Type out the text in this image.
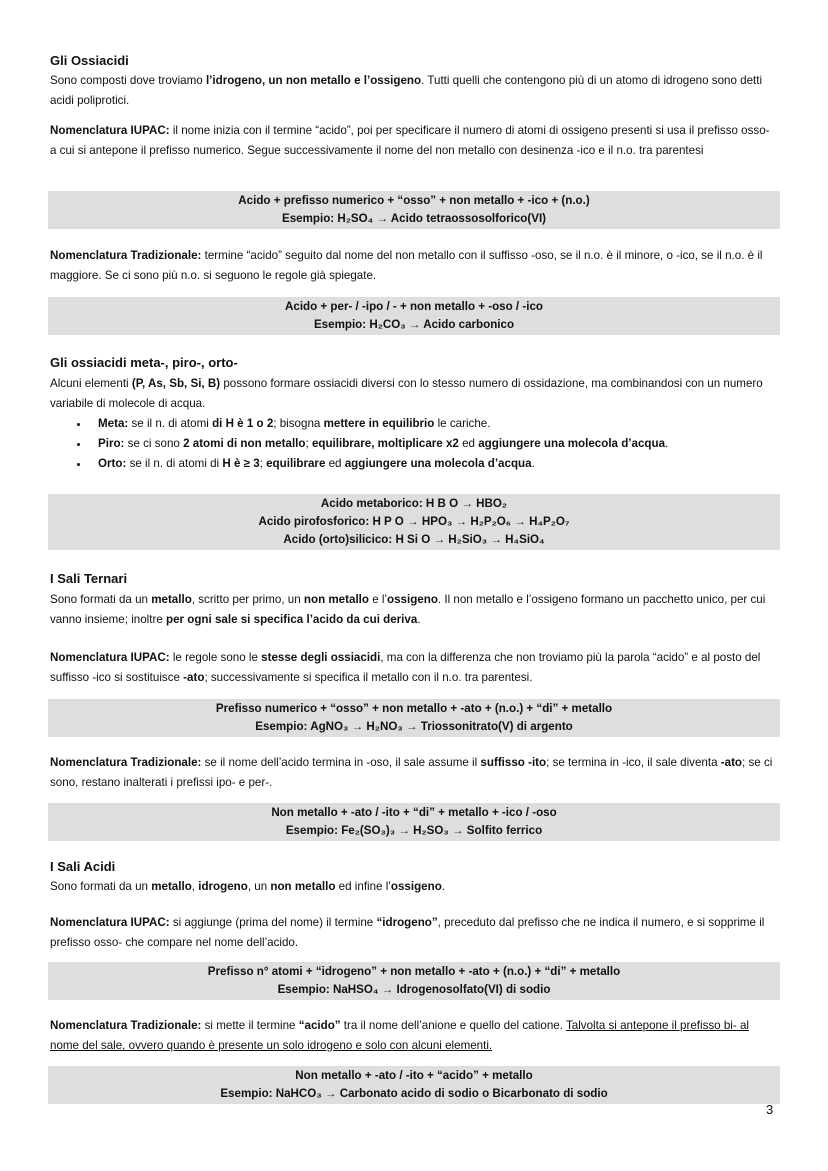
Gli Ossiacidi
Sono composti dove troviamo l’idrogeno, un non metallo e l’ossigeno. Tutti quelli che contengono più di un atomo di idrogeno sono detti acidi poliprotici.
Nomenclatura IUPAC: il nome inizia con il termine “acido”, poi per specificare il numero di atomi di ossigeno presenti si usa il prefisso osso- a cui si antepone il prefisso numerico. Segue successivamente il nome del non metallo con desinenza -ico e il n.o. tra parentesi
Acido + prefisso numerico + “osso” + non metallo + -ico + (n.o.)
Esempio: H₂SO₄ → Acido tetraossosolforico(VI)
Nomenclatura Tradizionale: termine “acido” seguito dal nome del non metallo con il suffisso -oso, se il n.o. è il minore, o -ico, se il n.o. è il maggiore. Se ci sono più n.o. si seguono le regole già spiegate.
Acido + per- / -ipo / - + non metallo + -oso / -ico
Esempio: H₂CO₃ → Acido carbonico
Gli ossiacidi meta-, piro-, orto-
Alcuni elementi (P, As, Sb, Si, B) possono formare ossiacidi diversi con lo stesso numero di ossidazione, ma combinandosi con un numero variabile di molecole di acqua.
• Meta: se il n. di atomi di H è 1 o 2; bisogna mettere in equilibrio le cariche.
• Piro: se ci sono 2 atomi di non metallo; equilibrare, moltiplicare x2 ed aggiungere una molecola d’acqua.
• Orto: se il n. di atomi di H è ≥ 3; equilibrare ed aggiungere una molecola d’acqua.
Acido metaborico: H B O → HBO₂
Acido pirofosforico: H P O → HPO₃ → H₂P₂O₆ → H₄P₂O₇
Acido (orto)silicico: H Si O → H₂SiO₃ → H₄SiO₄
I Sali Ternari
Sono formati da un metallo, scritto per primo, un non metallo e l’ossigeno. Il non metallo e l’ossigeno formano un pacchetto unico, per cui vanno insieme; inoltre per ogni sale si specifica l’acido da cui deriva.
Nomenclatura IUPAC: le regole sono le stesse degli ossiacidi, ma con la differenza che non troviamo più la parola “acido” e al posto del suffisso -ico si sostituisce -ato; successivamente si specifica il metallo con il n.o. tra parentesi.
Prefisso numerico + “osso” + non metallo + -ato + (n.o.) + “di” + metallo
Esempio: AgNO₃ → H₂NO₃ → Triossonitrato(V) di argento
Nomenclatura Tradizionale: se il nome dell’acido termina in -oso, il sale assume il suffisso -ito; se termina in -ico, il sale diventa -ato; se ci sono, restano inalterati i prefissi ipo- e per-.
Non metallo + -ato / -ito + “di” + metallo + -ico / -oso
Esempio: Fe₂(SO₃)₃ → H₂SO₃ → Solfito ferrico
I Sali Acidi
Sono formati da un metallo, idrogeno, un non metallo ed infine l’ossigeno.
Nomenclatura IUPAC: si aggiunge (prima del nome) il termine “idrogeno”, preceduto dal prefisso che ne indica il numero, e si sopprime il prefisso osso- che compare nel nome dell’acido.
Prefisso n° atomi + “idrogeno” + non metallo + -ato + (n.o.) + “di” + metallo
Esempio: NaHSO₄ → Idrogenosolfato(VI) di sodio
Nomenclatura Tradizionale: si mette il termine “acido” tra il nome dell’anione e quello del catione. Talvolta si antepone il prefisso bi- al nome del sale, ovvero quando è presente un solo idrogeno e solo con alcuni elementi.
Non metallo + -ato / -ito + “acido” + metallo
Esempio: NaHCO₃ → Carbonato acido di sodio o Bicarbonato di sodio
3
